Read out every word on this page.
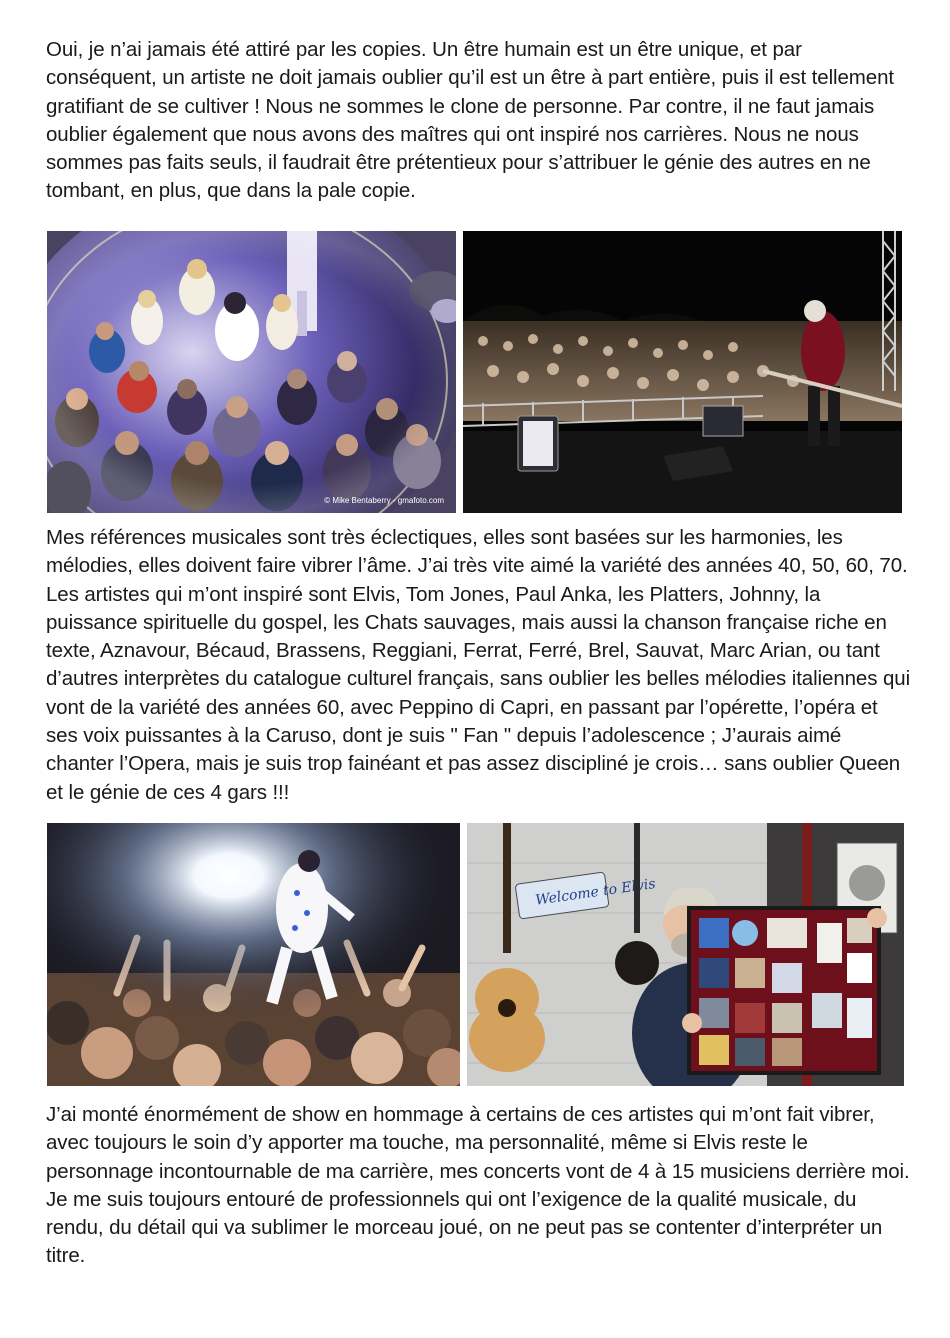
Oui, je n’ai jamais été attiré par les copies. Un être humain est un être unique, et par conséquent, un artiste ne doit jamais oublier qu’il est un être à part entière, puis il est tellement gratifiant de se cultiver ! Nous ne sommes le clone de personne. Par contre, il ne faut jamais oublier également que nous avons des maîtres qui ont inspiré nos carrières. Nous ne nous sommes pas faits seuls, il faudrait être prétentieux pour s’attribuer le génie des autres en ne tombant, en plus, que dans la pale copie.

© Mike Bentaberry - gmafoto.com

Mes références musicales sont très éclectiques, elles sont basées sur les harmonies, les mélodies, elles doivent faire vibrer l’âme. J’ai très vite aimé la variété des années 40, 50, 60, 70. Les artistes qui m’ont inspiré sont Elvis, Tom Jones, Paul Anka, les Platters, Johnny, la puissance spirituelle du gospel, les Chats sauvages, mais aussi la chanson française riche en texte, Aznavour, Bécaud, Brassens, Reggiani, Ferrat, Ferré, Brel, Sauvat, Marc Arian, ou tant d’autres interprètes du catalogue culturel français, sans oublier les belles mélodies italiennes qui vont de la variété des années 60, avec Peppino di Capri, en passant par l’opérette, l’opéra et ses voix puissantes à la Caruso, dont je suis " Fan " depuis l’adolescence ; J’aurais aimé chanter l’Opera, mais je suis trop fainéant et pas assez discipliné je crois… sans oublier Queen et le génie de ces 4 gars !!!

Welcome to Elvis

J’ai monté énormément de show en hommage à certains de ces artistes qui m’ont fait vibrer, avec toujours le soin d’y apporter ma touche, ma personnalité, même si Elvis reste le personnage incontournable de ma carrière, mes concerts vont de 4 à 15 musiciens derrière moi. Je me suis toujours entouré de professionnels qui ont l’exigence de la qualité musicale, du rendu, du détail qui va sublimer le morceau joué, on ne peut pas se contenter d’interpréter un titre.
